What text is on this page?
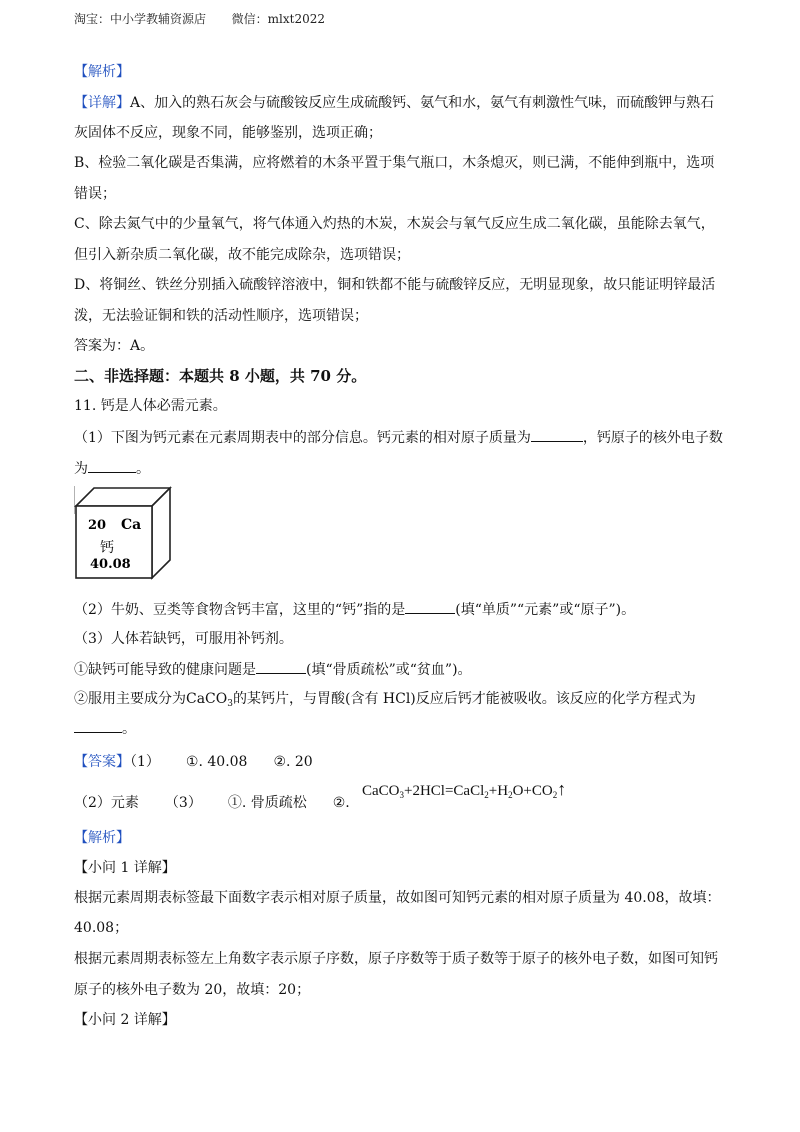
淘宝：中小学教辅资源店 微信：mlxt2022
【解析】
【详解】A、加入的熟石灰会与硫酸铵反应生成硫酸钙、氨气和水，氨气有刺激性气味，而硫酸钾与熟石
灰固体不反应，现象不同，能够鉴别，选项正确；
B、检验二氧化碳是否集满，应将燃着的木条平置于集气瓶口，木条熄灭，则已满，不能伸到瓶中，选项
错误；
C、除去氮气中的少量氧气，将气体通入灼热的木炭，木炭会与氧气反应生成二氧化碳，虽能除去氧气，
但引入新杂质二氧化碳，故不能完成除杂，选项错误；
D、将铜丝、铁丝分别插入硫酸锌溶液中，铜和铁都不能与硫酸锌反应，无明显现象，故只能证明锌最活
泼，无法验证铜和铁的活动性顺序，选项错误；
答案为：A。
二、非选择题：本题共 8 小题，共 70 分。
11. 钙是人体必需元素。
（1）下图为钙元素在元素周期表中的部分信息。钙元素的相对原子质量为	，钙原子的核外电子数
为	。
20 Ca
钙
40.08
（2）牛奶、豆类等食物含钙丰富，这里的“钙”指的是	(填“单质”“元素”或“原子”)。
（3）人体若缺钙，可服用补钙剂。
①缺钙可能导致的健康问题是	(填“骨质疏松”或“贫血”)。
②服用主要成分为CaCO$_3$的某钙片，与胃酸(含有 HCl)反应后钙才能被吸收。该反应的化学方程式为
。
【答案】（1） ①. 40.08 ②. 20
（2）元素 （3） ①. 骨质疏松 ②.
$CaCO_3+2HCl=CaCl_2+H_2O+CO_2↑$
【解析】
【小问 1 详解】
根据元素周期表标签最下面数字表示相对原子质量，故如图可知钙元素的相对原子质量为 40.08，故填：
40.08；
根据元素周期表标签左上角数字表示原子序数，原子序数等于质子数等于原子的核外电子数，如图可知钙
原子的核外电子数为 20，故填：20；
【小问 2 详解】
